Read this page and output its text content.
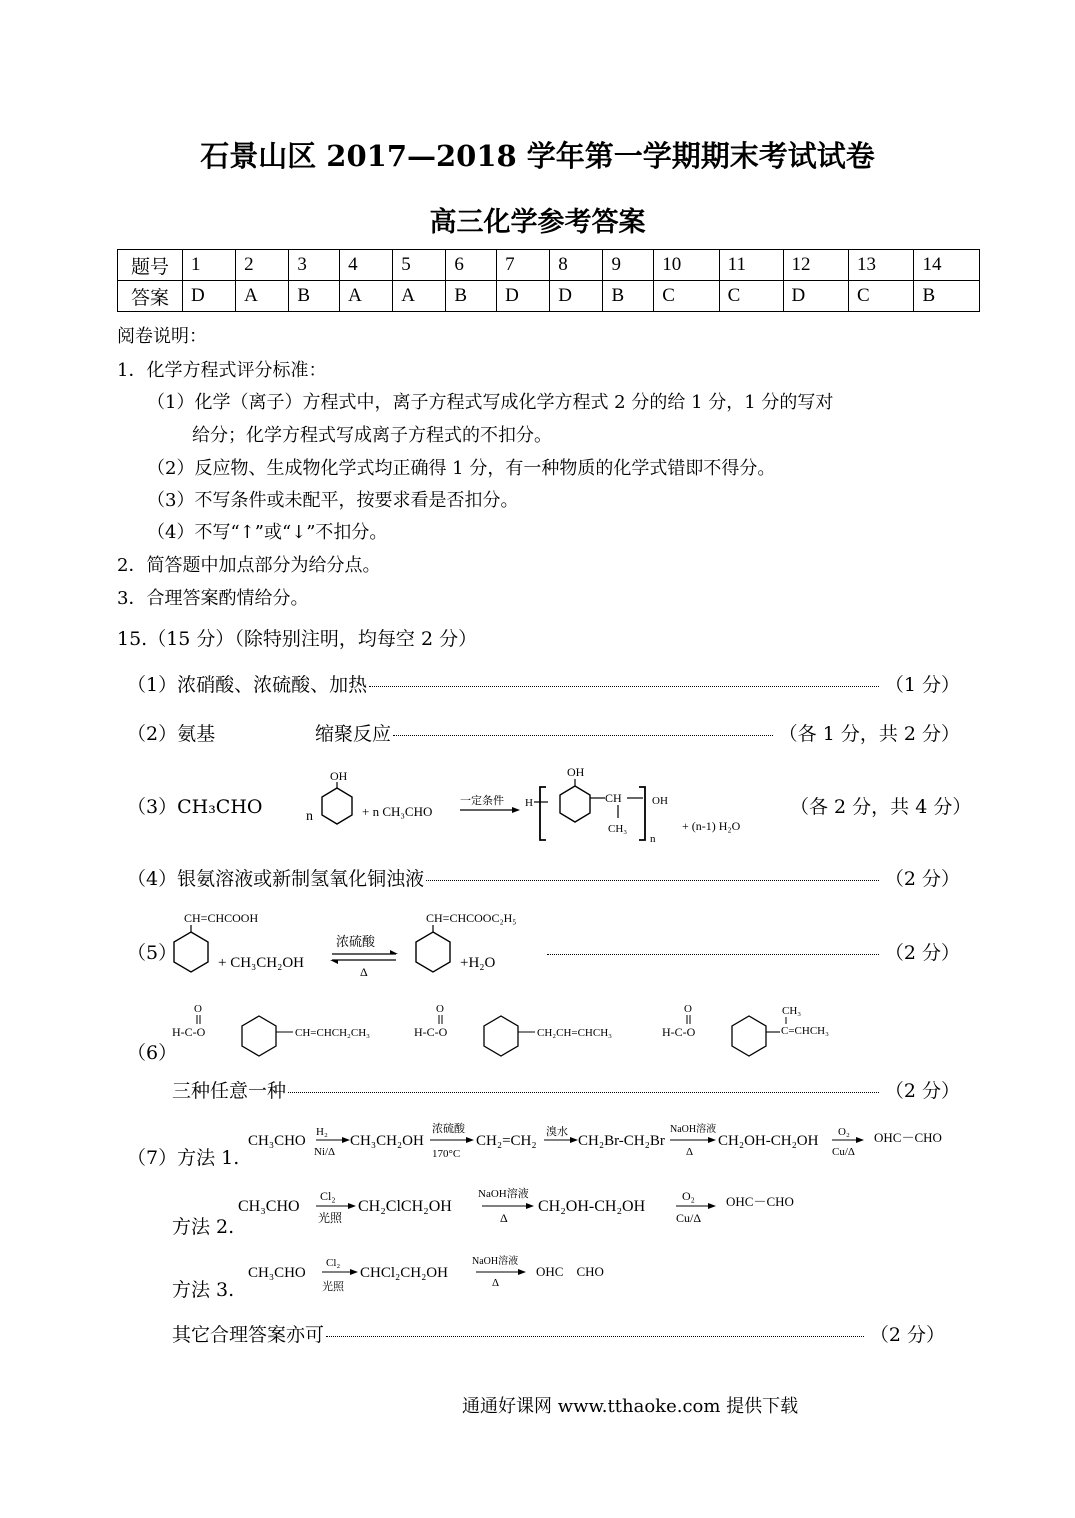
石景山区 2017—2018 学年第一学期期末考试试卷
高三化学参考答案
题号	1	2	3	4	5	6	7	8	9	10	11	12	13	14
答案	D	A	B	A	A	B	D	D	B	C	C	D	C	B
阅卷说明：
1．化学方程式评分标准：
（1）化学（离子）方程式中，离子方程式写成化学方程式 2 分的给 1 分，1 分的写对
给分；化学方程式写成离子方程式的不扣分。
（2）反应物、生成物化学式均正确得 1 分，有一种物质的化学式错即不得分。
（3）不写条件或未配平，按要求看是否扣分。
（4）不写“↑”或“↓”不扣分。
2．简答题中加点部分为给分点。
3．合理答案酌情给分。
15.（15 分）（除特别注明，均每空 2 分）
（1）浓硝酸、浓硫酸、加热	（1 分）
（2）氨基	缩聚反应	（各 1 分，共 2 分）
（3）CH₃CHO	n
OH
+ n CH₃CHO
一定条件 H
OH
CH
CH₃
n
OH
+ (n-1) H₂O
（各 2 分，共 4 分）
（4）银氨溶液或新制氢氧化铜浊液	（2 分）
（5）
CH=CHCOOH
+ CH₃CH₂OH
浓硫酸
Δ
CH=CHCOOC₂H₅
+H₂O	（2 分）
（6）
O
H-C-O	CH=CHCH₂CH₃
O
H-C-O	CH₂CH=CHCH₃
O
H-C-O
CH₃
C=CHCH₃
三种任意一种	（2 分）
（7）方法 1.
CH₃CHO
H₂
Ni/Δ
CH₃CH₂OH
浓硫酸
170°C
CH₂=CH₂
溴水
CH₂Br-CH₂Br
NaOH溶液
Δ
CH₂OH-CH₂OH
O₂
Cu/Δ
OHC－CHO
方法 2.
CH₃CHO
Cl₂
光照
CH₂ClCH₂OH
NaOH溶液
Δ
CH₂OH-CH₂OH
O₂
Cu/Δ
OHC－CHO
方法 3.
CH₃CHO
Cl₂
光照
CHCl₂CH₂OH
NaOH溶液
Δ
OHC　CHO
其它合理答案亦可	（2 分）
通通好课网 www.tthaoke.com 提供下载
